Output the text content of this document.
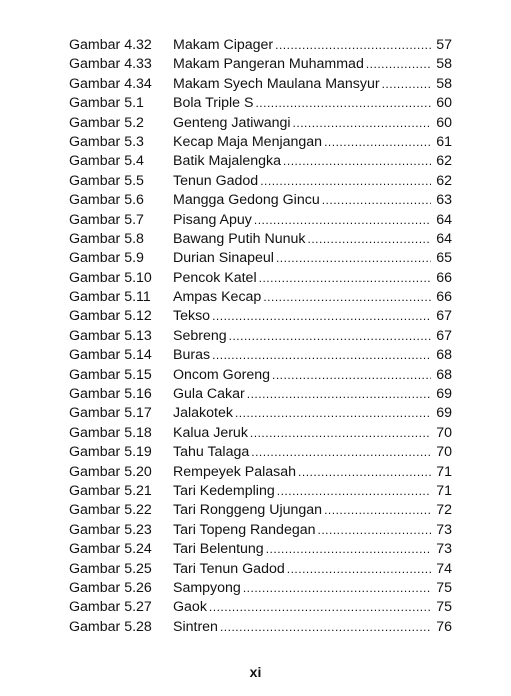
Gambar 4.32	Makam Cipager .....	57
Gambar 4.33	Makam Pangeran Muhammad .....	58
Gambar 4.34	Makam Syech Maulana Mansyur .....	58
Gambar 5.1	Bola Triple S .....	60
Gambar 5.2	Genteng Jatiwangi .....	60
Gambar 5.3	Kecap Maja Menjangan .....	61
Gambar 5.4	Batik Majalengka .....	62
Gambar 5.5	Tenun Gadod .....	62
Gambar 5.6	Mangga Gedong Gincu .....	63
Gambar 5.7	Pisang Apuy .....	64
Gambar 5.8	Bawang Putih Nunuk .....	64
Gambar 5.9	Durian Sinapeul .....	65
Gambar 5.10	Pencok Katel .....	66
Gambar 5.11	Ampas Kecap .....	66
Gambar 5.12	Tekso .....	67
Gambar 5.13	Sebreng .....	67
Gambar 5.14	Buras .....	68
Gambar 5.15	Oncom Goreng .....	68
Gambar 5.16	Gula Cakar .....	69
Gambar 5.17	Jalakotek .....	69
Gambar 5.18	Kalua Jeruk .....	70
Gambar 5.19	Tahu Talaga .....	70
Gambar 5.20	Rempeyek Palasah .....	71
Gambar 5.21	Tari Kedempling .....	71
Gambar 5.22	Tari Ronggeng Ujungan .....	72
Gambar 5.23	Tari Topeng Randegan .....	73
Gambar 5.24	Tari Belentung .....	73
Gambar 5.25	Tari Tenun Gadod .....	74
Gambar 5.26	Sampyong .....	75
Gambar 5.27	Gaok .....	75
Gambar 5.28	Sintren .....	76
xi
